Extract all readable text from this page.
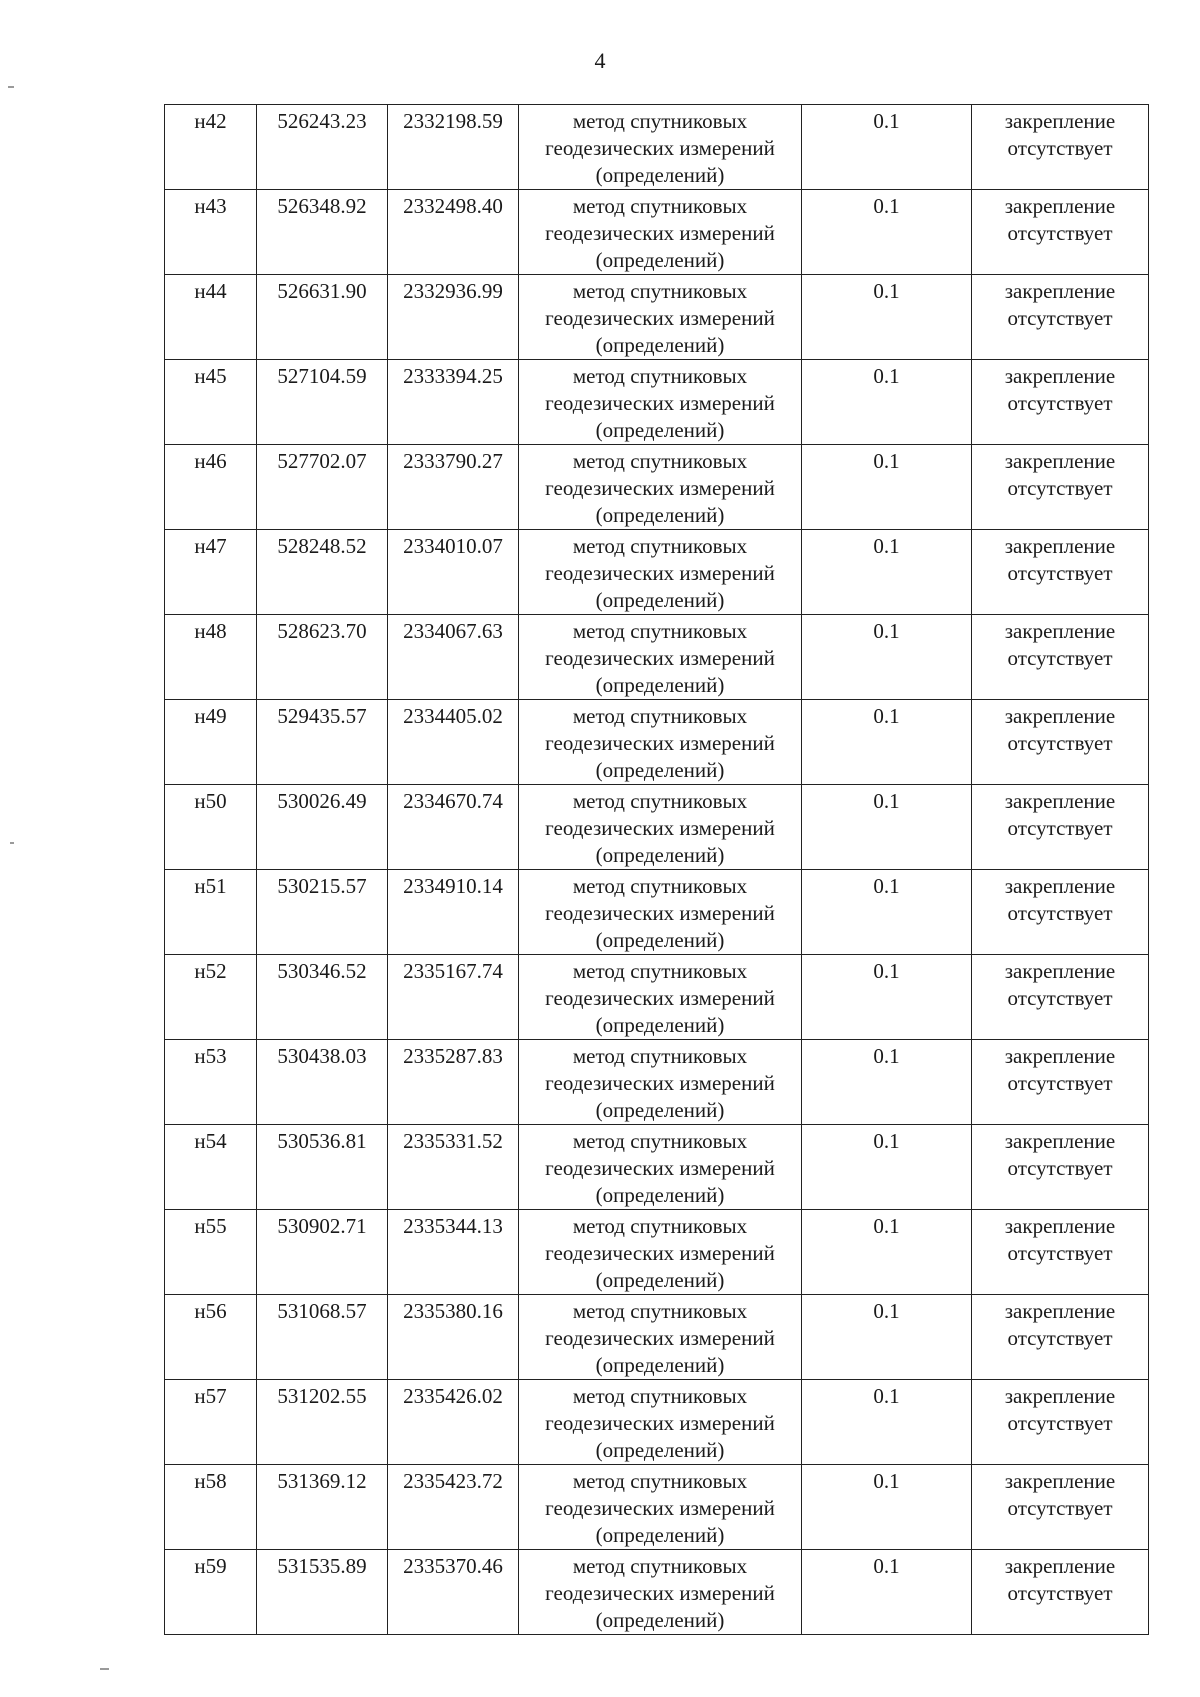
4
н42	526243.23	2332198.59	метод спутниковых
геодезических измерений
(определений)	0.1	закрепление
отсутствует

н43	526348.92	2332498.40	метод спутниковых
геодезических измерений
(определений)	0.1	закрепление
отсутствует

н44	526631.90	2332936.99	метод спутниковых
геодезических измерений
(определений)	0.1	закрепление
отсутствует

н45	527104.59	2333394.25	метод спутниковых
геодезических измерений
(определений)	0.1	закрепление
отсутствует

н46	527702.07	2333790.27	метод спутниковых
геодезических измерений
(определений)	0.1	закрепление
отсутствует

н47	528248.52	2334010.07	метод спутниковых
геодезических измерений
(определений)	0.1	закрепление
отсутствует

н48	528623.70	2334067.63	метод спутниковых
геодезических измерений
(определений)	0.1	закрепление
отсутствует

н49	529435.57	2334405.02	метод спутниковых
геодезических измерений
(определений)	0.1	закрепление
отсутствует

н50	530026.49	2334670.74	метод спутниковых
геодезических измерений
(определений)	0.1	закрепление
отсутствует

н51	530215.57	2334910.14	метод спутниковых
геодезических измерений
(определений)	0.1	закрепление
отсутствует

н52	530346.52	2335167.74	метод спутниковых
геодезических измерений
(определений)	0.1	закрепление
отсутствует

н53	530438.03	2335287.83	метод спутниковых
геодезических измерений
(определений)	0.1	закрепление
отсутствует

н54	530536.81	2335331.52	метод спутниковых
геодезических измерений
(определений)	0.1	закрепление
отсутствует

н55	530902.71	2335344.13	метод спутниковых
геодезических измерений
(определений)	0.1	закрепление
отсутствует

н56	531068.57	2335380.16	метод спутниковых
геодезических измерений
(определений)	0.1	закрепление
отсутствует

н57	531202.55	2335426.02	метод спутниковых
геодезических измерений
(определений)	0.1	закрепление
отсутствует

н58	531369.12	2335423.72	метод спутниковых
геодезических измерений
(определений)	0.1	закрепление
отсутствует

н59	531535.89	2335370.46	метод спутниковых
геодезических измерений
(определений)	0.1	закрепление
отсутствует
